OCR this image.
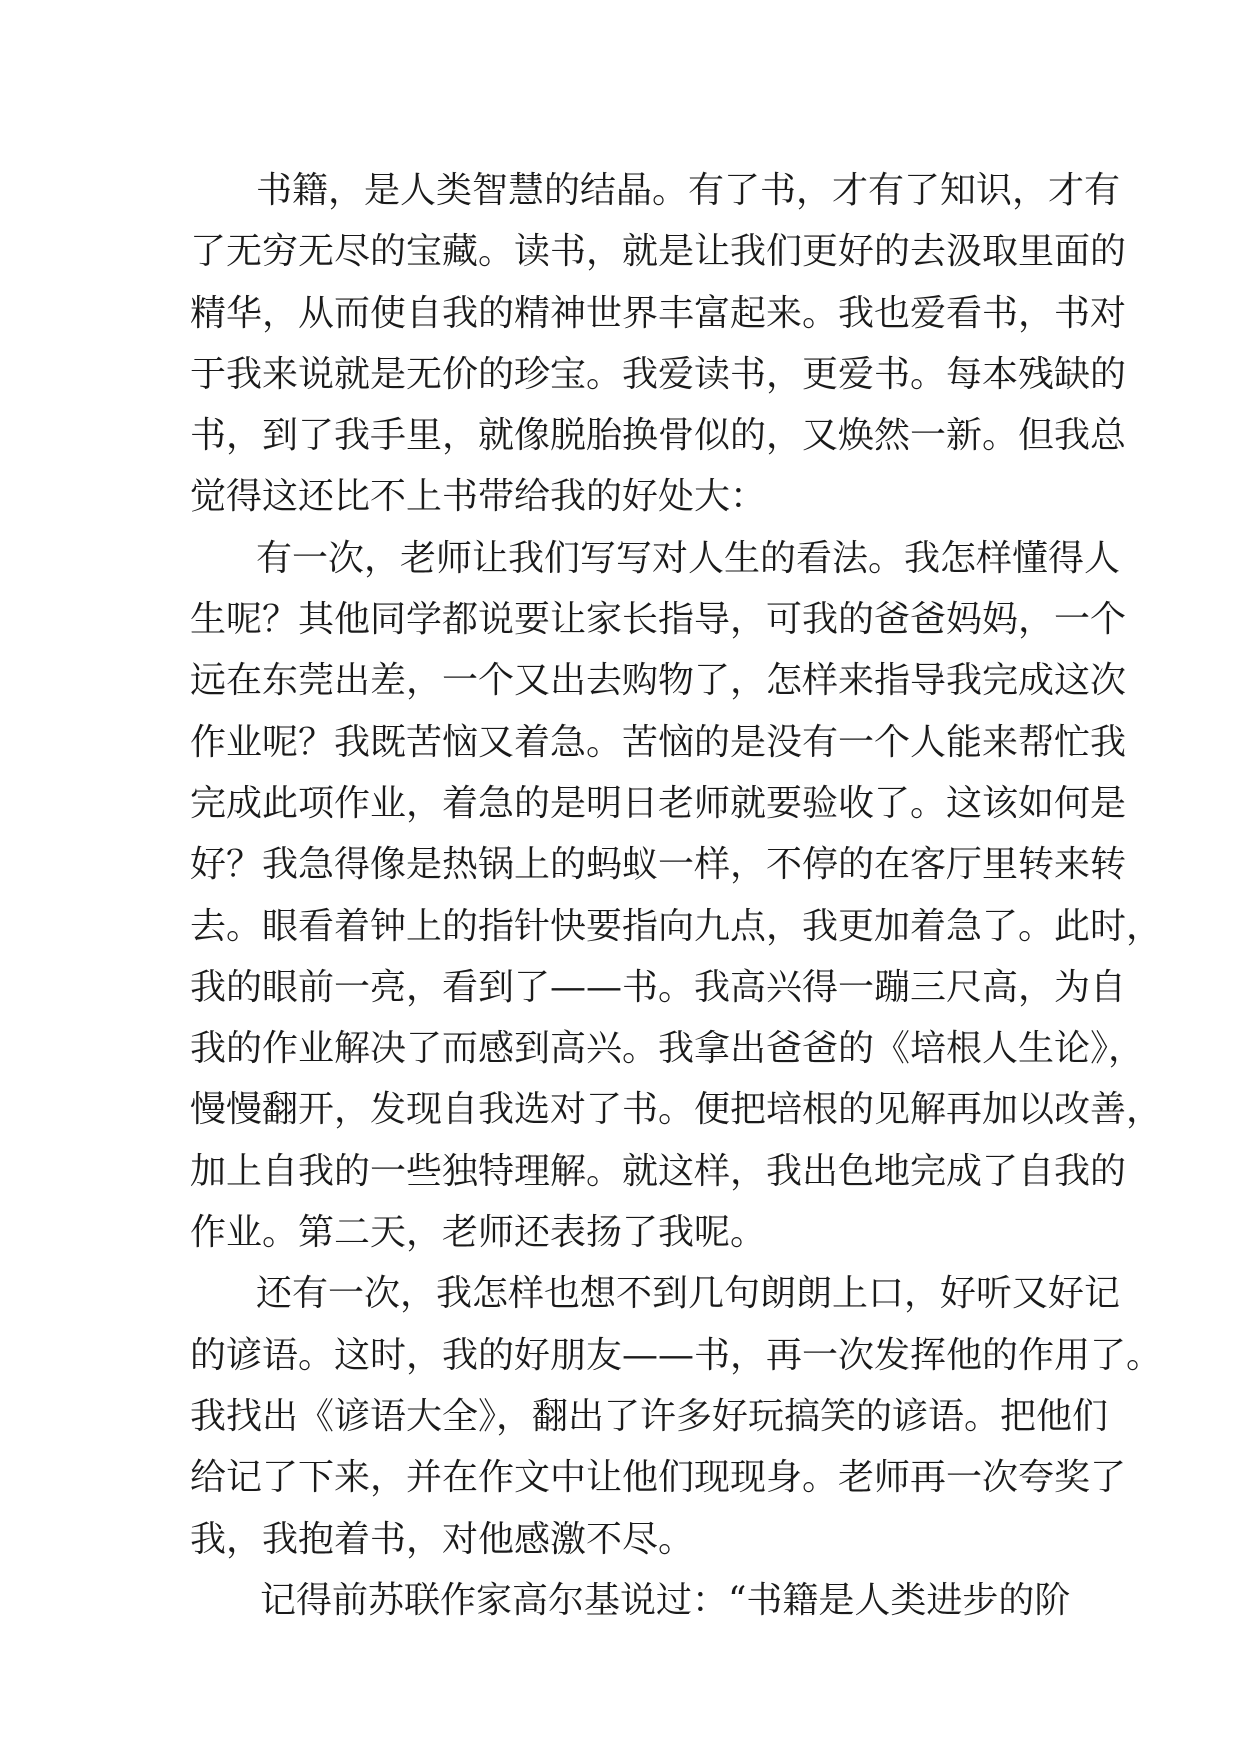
书籍，是人类智慧的结晶。有了书，才有了知识，才有
了无穷无尽的宝藏。读书，就是让我们更好的去汲取里面的
精华，从而使自我的精神世界丰富起来。我也爱看书，书对
于我来说就是无价的珍宝。我爱读书，更爱书。每本残缺的
书，到了我手里，就像脱胎换骨似的，又焕然一新。但我总
觉得这还比不上书带给我的好处大：
有一次，老师让我们写写对人生的看法。我怎样懂得人
生呢？其他同学都说要让家长指导，可我的爸爸妈妈，一个
远在东莞出差，一个又出去购物了，怎样来指导我完成这次
作业呢？我既苦恼又着急。苦恼的是没有一个人能来帮忙我
完成此项作业，着急的是明日老师就要验收了。这该如何是
好？我急得像是热锅上的蚂蚁一样，不停的在客厅里转来转
去。眼看着钟上的指针快要指向九点，我更加着急了。此时，
我的眼前一亮，看到了——书。我高兴得一蹦三尺高，为自
我的作业解决了而感到高兴。我拿出爸爸的《培根人生论》，
慢慢翻开，发现自我选对了书。便把培根的见解再加以改善，
加上自我的一些独特理解。就这样，我出色地完成了自我的
作业。第二天，老师还表扬了我呢。
还有一次，我怎样也想不到几句朗朗上口，好听又好记
的谚语。这时，我的好朋友——书，再一次发挥他的作用了。
我找出《谚语大全》，翻出了许多好玩搞笑的谚语。把他们
给记了下来，并在作文中让他们现现身。老师再一次夸奖了
我，我抱着书，对他感激不尽。
记得前苏联作家高尔基说过：“书籍是人类进步的阶
